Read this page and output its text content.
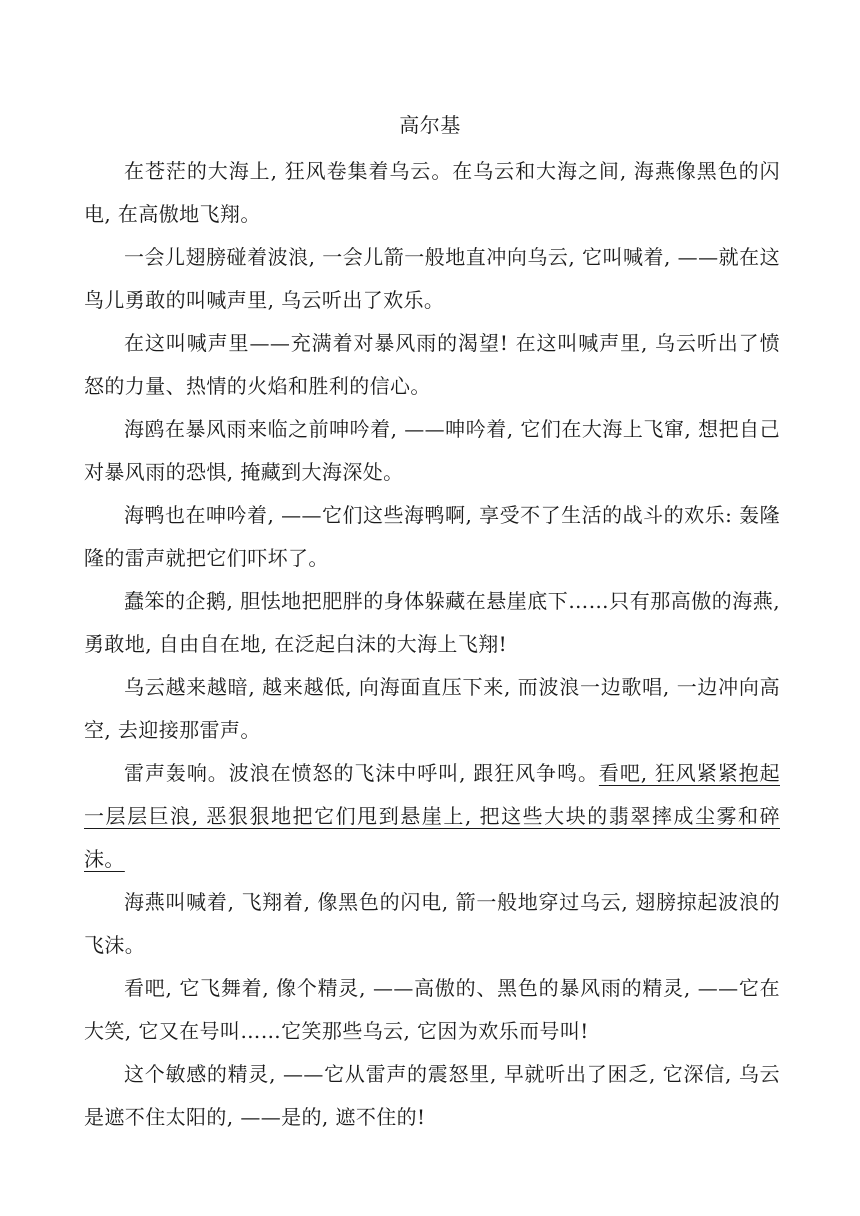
高尔基

在苍茫的大海上, 狂风卷集着乌云。在乌云和大海之间, 海燕像黑色的闪电, 在高傲地飞翔。

一会儿翅膀碰着波浪, 一会儿箭一般地直冲向乌云, 它叫喊着, ——就在这鸟儿勇敢的叫喊声里, 乌云听出了欢乐。

在这叫喊声里——充满着对暴风雨的渴望! 在这叫喊声里, 乌云听出了愤怒的力量、热情的火焰和胜利的信心。

海鸥在暴风雨来临之前呻吟着, ——呻吟着, 它们在大海上飞窜, 想把自己对暴风雨的恐惧, 掩藏到大海深处。

海鸭也在呻吟着, ——它们这些海鸭啊, 享受不了生活的战斗的欢乐: 轰隆隆的雷声就把它们吓坏了。

蠢笨的企鹅, 胆怯地把肥胖的身体躲藏在悬崖底下……只有那高傲的海燕, 勇敢地, 自由自在地, 在泛起白沫的大海上飞翔!

乌云越来越暗, 越来越低, 向海面直压下来, 而波浪一边歌唱, 一边冲向高空, 去迎接那雷声。

雷声轰响。波浪在愤怒的飞沫中呼叫, 跟狂风争鸣。看吧, 狂风紧紧抱起一层层巨浪, 恶狠狠地把它们甩到悬崖上, 把这些大块的翡翠摔成尘雾和碎沫。

海燕叫喊着, 飞翔着, 像黑色的闪电, 箭一般地穿过乌云, 翅膀掠起波浪的飞沫。

看吧, 它飞舞着, 像个精灵, ——高傲的、黑色的暴风雨的精灵, ——它在大笑, 它又在号叫……它笑那些乌云, 它因为欢乐而号叫!

这个敏感的精灵, ——它从雷声的震怒里, 早就听出了困乏, 它深信, 乌云是遮不住太阳的, ——是的, 遮不住的!
